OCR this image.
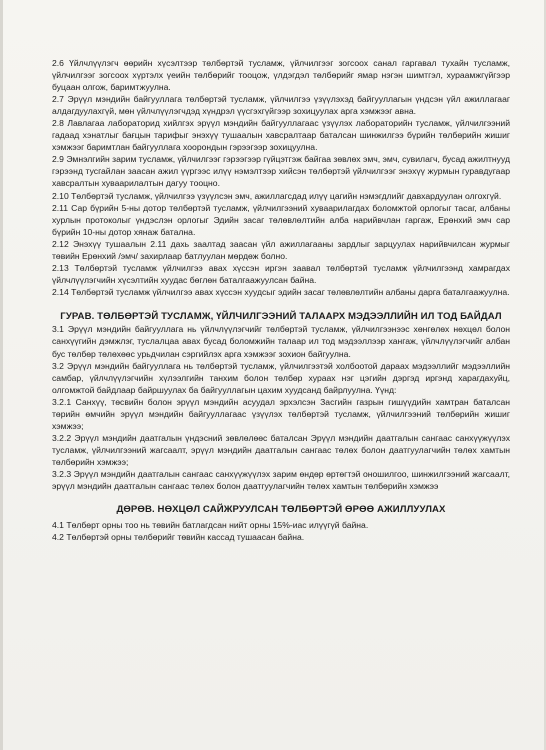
2.6 Үйлчлүүлэгч өөрийн хүсэлтээр төлбөртэй тусламж, үйлчилгээг зогсоох санал гаргавал тухайн тусламж, үйлчилгээг зогсоох хүртэлх үеийн төлбөрийг тооцож, үлдэгдэл төлбөрийг ямар нэгэн шимтгэл, хураамжгүйгээр буцаан олгож, баримтжуулна.

2.7 Эрүүл мэндийн байгууллага төлбөртэй тусламж, үйлчилгээ үзүүлэхэд байгууллагын үндсэн үйл ажиллагааг алдагдуулахгүй, мөн үйлчлүүлэгчдэд хүндрэл үүсгэхгүйгээр зохицуулах арга хэмжээг авна.

2.8 Лавлагаа лабораторид хийлгэх эрүүл мэндийн байгууллагаас үзүүлэх лабораторийн тусламж, үйлчилгээний гадаад хэнатлыг бағцын тарифыг энэхүү тушаалын хавсралтаар баталсан шинжилгээ бүрийн төлбөрийн жишиг хэмжээг баримтлан байгууллага хоорондын гэрээгээр зохицуулна.

2.9 Эмнэлгийн зарим тусламж, үйлчилгээг гэрээгээр гүйцэтгэж байгаа зөвлөх эмч, эмч, сувилагч, бусад ажилтнууд гэрээнд тусгайлан заасан ажил үүргээс илүү нэмэлтээр хийсэн төлбөртэй үйлчилгээг энэхүү журмын гуравдугаар хавсралтын хуваарилалтын дагуу тооцно.

2.10 Төлбөртэй тусламж, үйлчилгээ үзүүлсэн эмч, ажиллагсдад илүү цагийн нэмэгдлийг давхардуулан олгохгүй.

2.11 Сар бүрийн 5-ны дотор төлбөртэй тусламж, үйлчилгээний хуваарилагдах боломжтой орлогыг тасаг, албаны хурлын протоколыг үндэслэн орлогыг Эдийн засаг төлөвлөлтийн алба нарийвчлан гаргаж, Ерөнхий эмч сар бүрийн 10-ны дотор хянаж батална.

2.12 Энэхүү тушаалын 2.11 дахь заалтад заасан үйл ажиллагааны зардлыг зарцуулах нарийвчилсан журмыг төвийн Ерөнхий /эмч/ захирлаар батлуулан мөрдөж болно.

2.13 Төлбөртэй тусламж үйлчилгээ авах хүссэн иргэн заавал төлбөртэй тусламж үйлчилгээнд хамрагдах үйлчлүүлэгчийн хүсэлтийн хуудас бөглөн баталгаажуулсан байна.

2.14 Төлбөртэй тусламж үйлчилгээ авах хүссэн хуудсыг эдийн засаг төлөвлөлтийн албаны дарга баталгаажуулна.

ГУРАВ. ТӨЛБӨРТЭЙ ТУСЛАМЖ, ҮЙЛЧИЛГЭЭНИЙ ТАЛААРХ МЭДЭЭЛЛИЙН ИЛ ТОД БАЙДАЛ

3.1 Эрүүл мэндийн байгууллага нь үйлчлүүлэгчийг төлбөртэй тусламж, үйлчилгээнээс хөнгөлөх нөхцөл болон санхүүгийн дэмжлэг, туслалцаа авах бусад боломжийн талаар ил тод мэдээллээр хангаж, үйлчлүүлэгчийг албан бус төлбөр төлөхөөс урьдчилан сэргийлэх арга хэмжээг зохион байгуулна.

3.2 Эрүүл мэндийн байгууллага нь төлбөртэй тусламж, үйлчилгээтэй холбоотой дараах мэдээллийг мэдээллийн самбар, үйлчлүүлэгчийн хүлээлгийн танхим болон төлбөр хураах нэг цэгийн дэргэд иргэнд харагдахуйц, олгомжтой байдлаар байршуулах ба байгууллагын цахим хуудсанд байрлуулна. Үүнд:

3.2.1 Санхүү, төсвийн болон эрүүл мэндийн асуудал эрхэлсэн Засгийн газрын гишүүдийн хамтран баталсан төрийн өмчийн эрүүл мэндийн байгууллагаас үзүүлэх төлбөртэй тусламж, үйлчилгээний төлбөрийн жишиг хэмжээ;

3.2.2 Эрүүл мэндийн даатгалын үндэсний зөвлөлөөс баталсан Эрүүл мэндийн даатгалын сангаас санхүүжүүлэх тусламж, үйлчилгээний жагсаалт, эрүүл мэндийн даатгалын сангаас төлөх болон даатгуулагчийн төлөх хамтын төлбөрийн хэмжээ;

3.2.3 Эрүүл мэндийн даатгалын сангаас санхүүжүүлэх зарим өндөр өртөгтэй оношилгоо, шинжилгээний жагсаалт, эрүүл мэндийн даатгалын сангаас төлөх болон даатгуулагчийн төлөх хамтын төлбөрийн хэмжээ

ДӨРӨВ. НӨХЦӨЛ САЙЖРУУЛСАН ТӨЛБӨРТЭЙ ӨРӨӨ АЖИЛЛУУЛАХ

4.1 Төлбөрт орны тоо нь төвийн батлагдсан нийт орны 15%-иас илүүгүй байна.

4.2 Төлбөртэй орны төлбөрийг төвийн кассад тушаасан байна.
